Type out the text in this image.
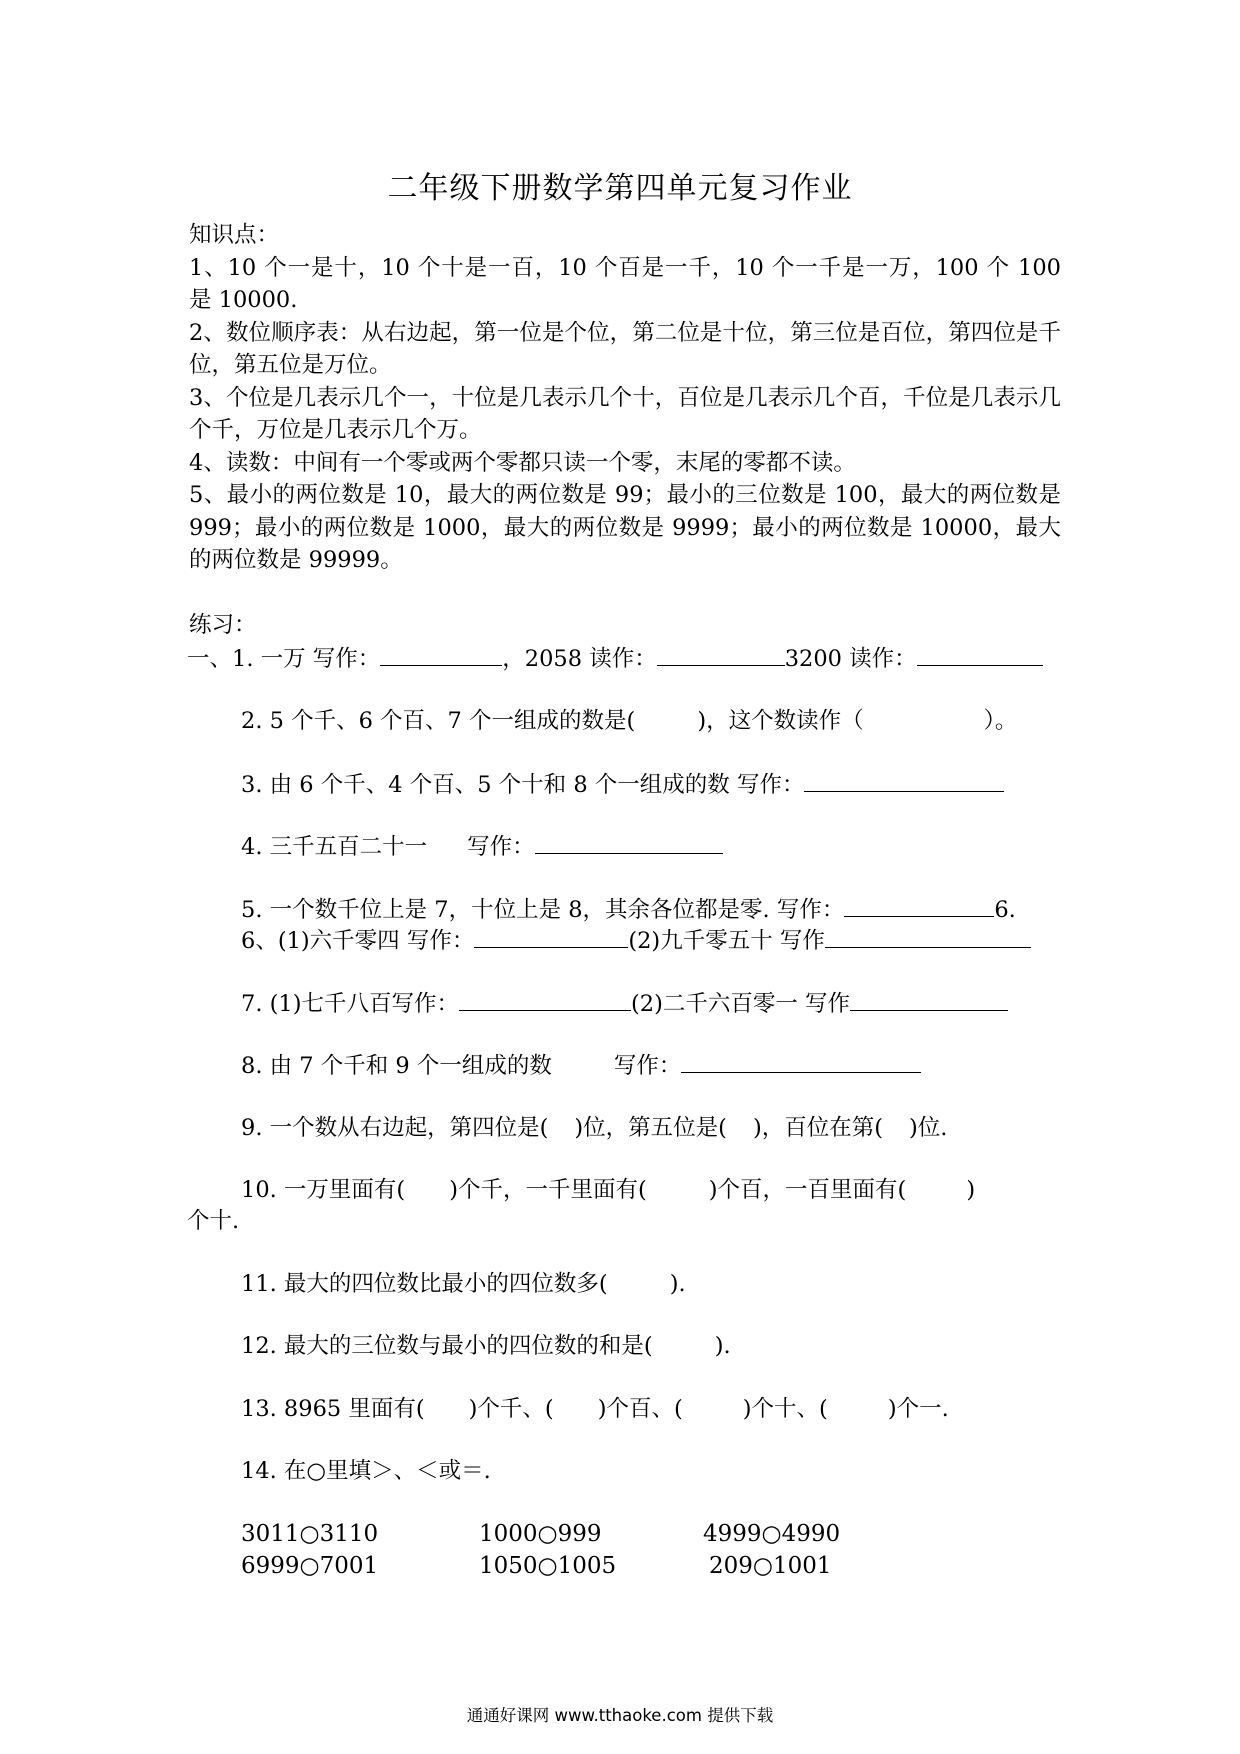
二年级下册数学第四单元复习作业

知识点：

1、10 个一是十，10 个十是一百，10 个百是一千，10 个一千是一万，100 个 100 是 10000.

2、数位顺序表：从右边起，第一位是个位，第二位是十位，第三位是百位，第四位是千位，第五位是万位。

3、个位是几表示几个一，十位是几表示几个十，百位是几表示几个百，千位是几表示几个千，万位是几表示几个万。

4、读数：中间有一个零或两个零都只读一个零，末尾的零都不读。

5、最小的两位数是 10，最大的两位数是 99；最小的三位数是 100，最大的两位数是 999；最小的两位数是 1000，最大的两位数是 9999；最小的两位数是 10000，最大的两位数是 99999。

练习：

一、1. 一万 写作：	，2058 读作：	3200 读作：
2. 5 个千、6 个百、7 个一组成的数是(	)，这个数读作（	）。
3. 由 6 个千、4 个百、5 个十和 8 个一组成的数 写作：
4. 三千五百二十一 写作：
5. 一个数千位上是 7，十位上是 8，其余各位都是零. 写作：	6.
6、(1)六千零四 写作：	(2)九千零五十 写作
7. (1)七千八百写作：	(2)二千六百零一 写作
8. 由 7 个千和 9 个一组成的数	写作：
9. 一个数从右边起，第四位是( )位，第五位是( )，百位在第( )位.
10. 一万里面有( )个千，一千里面有(	)个百，一百里面有(	)
个十.
11. 最大的四位数比最小的四位数多(	).
12. 最大的三位数与最小的四位数的和是(	).
13. 8965 里面有( )个千、( )个百、(	)个十、(	)个一.
14. 在○里填＞、＜或＝.
3011○3110	1000○999	4999○4990
6999○7001	1050○1005	209○1001
通通好课网 www.tthaoke.com 提供下载
